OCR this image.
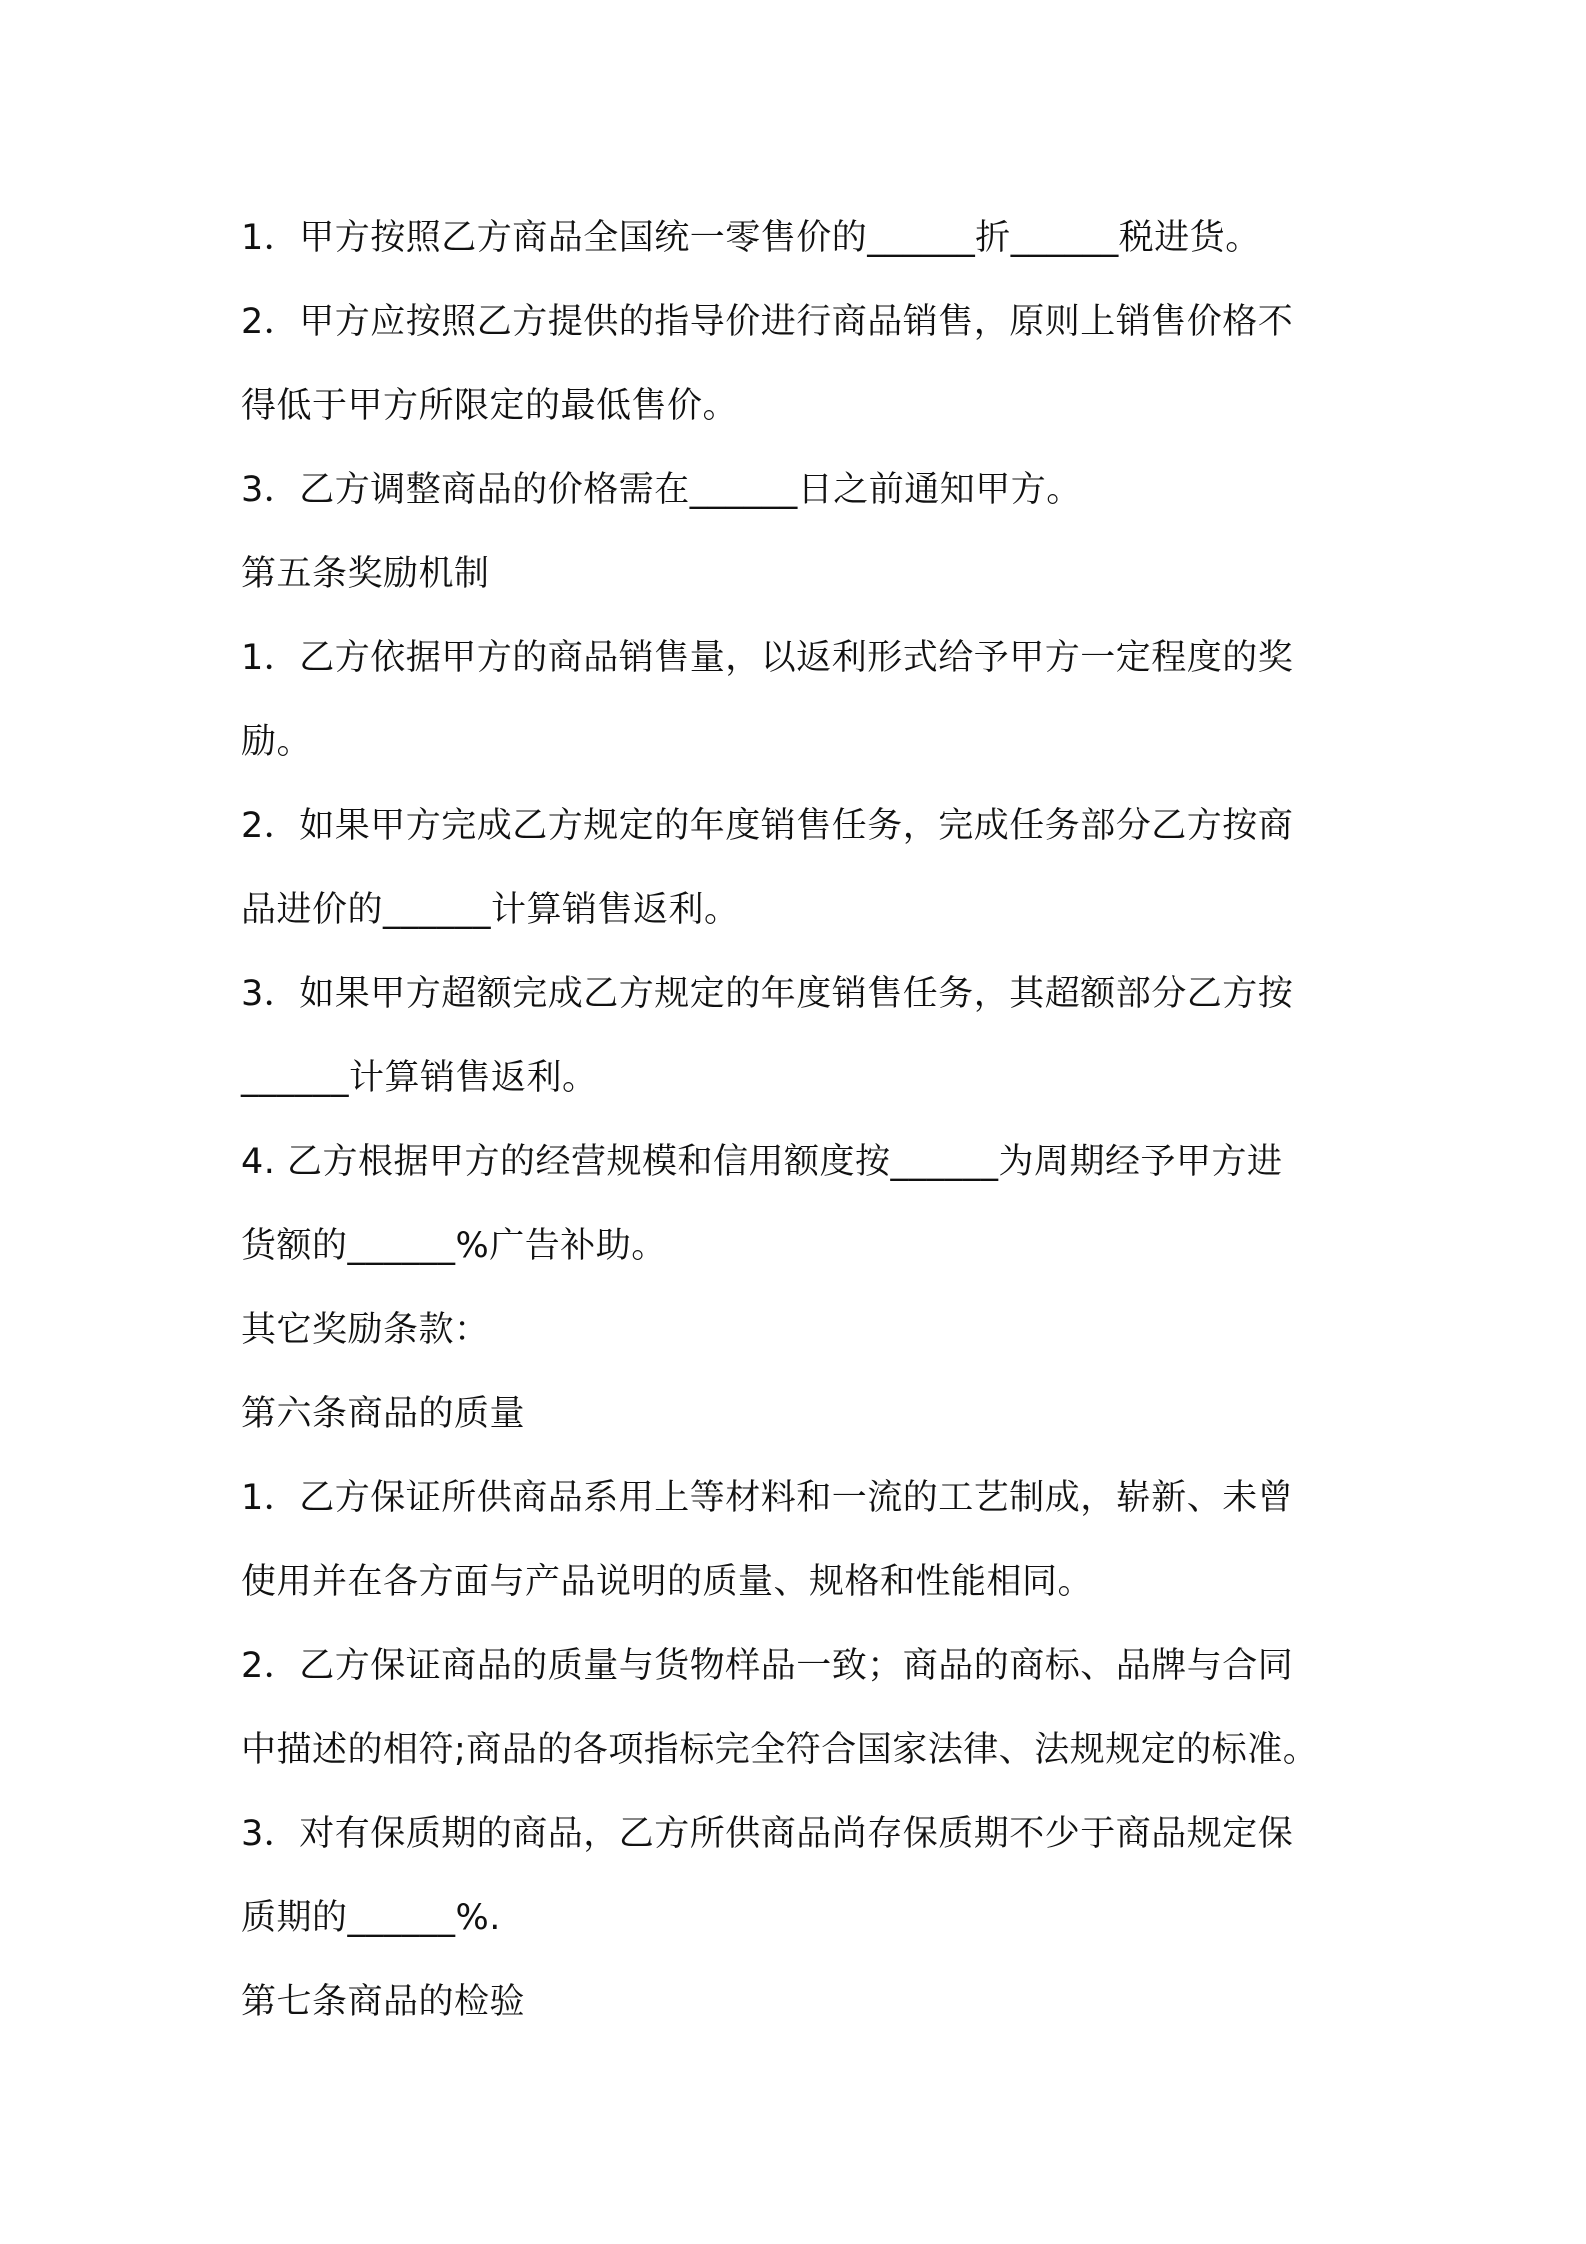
1．甲方按照乙方商品全国统一零售价的______折______税进货。
2．甲方应按照乙方提供的指导价进行商品销售，原则上销售价格不
得低于甲方所限定的最低售价。
3．乙方调整商品的价格需在______日之前通知甲方。
第五条奖励机制
1．乙方依据甲方的商品销售量，以返利形式给予甲方一定程度的奖
励。
2．如果甲方完成乙方规定的年度销售任务，完成任务部分乙方按商
品进价的______计算销售返利。
3．如果甲方超额完成乙方规定的年度销售任务，其超额部分乙方按
______计算销售返利。
4. 乙方根据甲方的经营规模和信用额度按______为周期经予甲方进
货额的______%广告补助。
其它奖励条款：
第六条商品的质量
1．乙方保证所供商品系用上等材料和一流的工艺制成，崭新、未曾
使用并在各方面与产品说明的质量、规格和性能相同。
2．乙方保证商品的质量与货物样品一致；商品的商标、品牌与合同
中描述的相符;商品的各项指标完全符合国家法律、法规规定的标准。
3．对有保质期的商品，乙方所供商品尚存保质期不少于商品规定保
质期的______%.
第七条商品的检验
